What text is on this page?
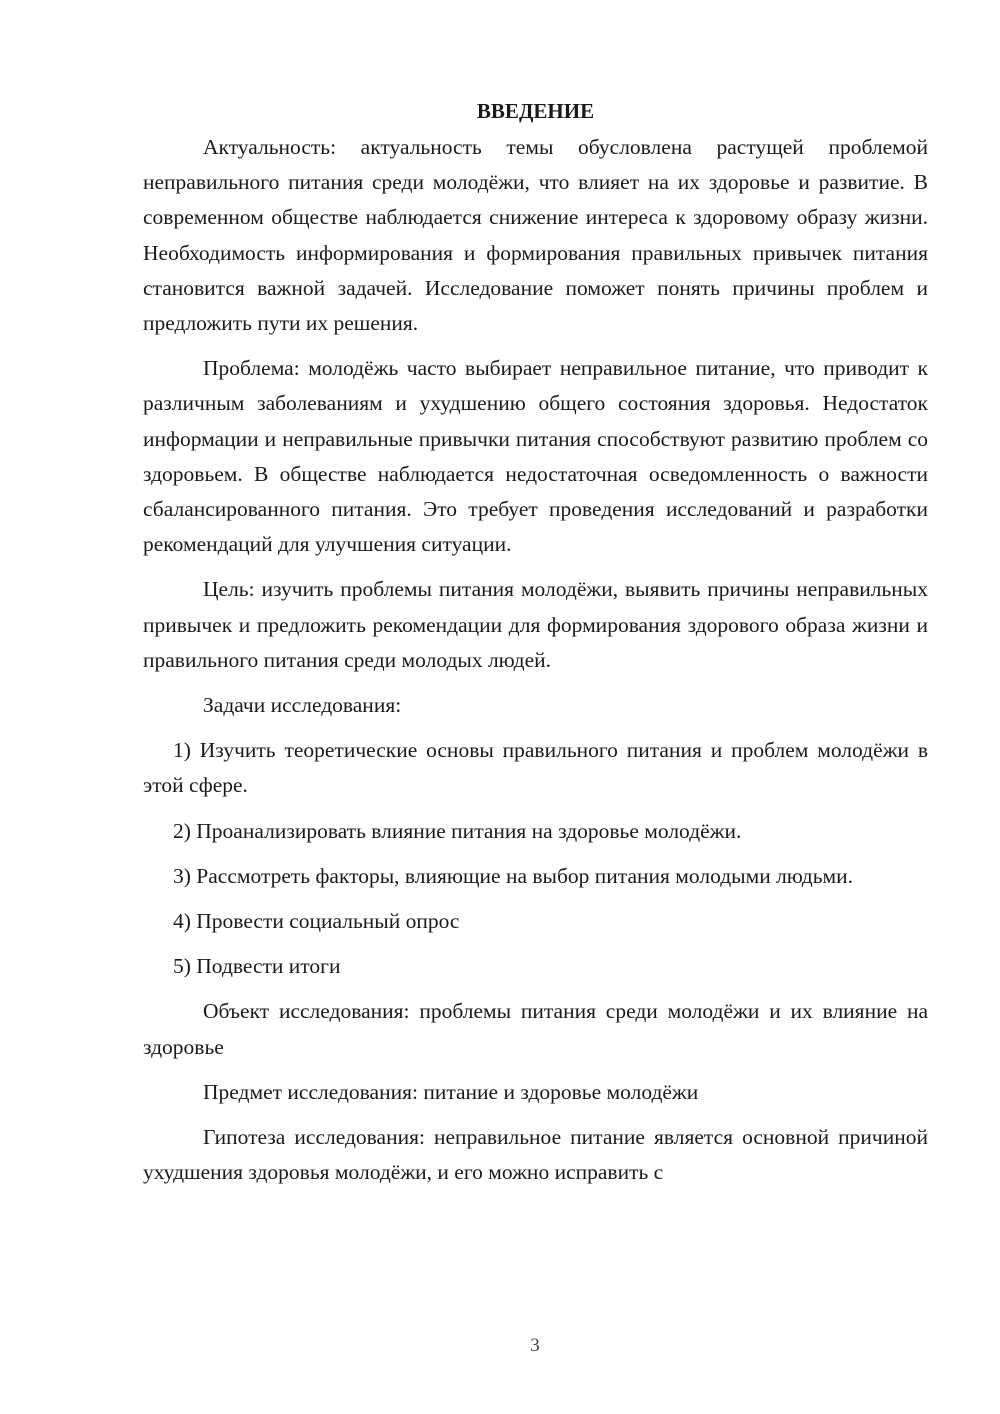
ВВЕДЕНИЕ

Актуальность: актуальность темы обусловлена растущей проблемой неправильного питания среди молодёжи, что влияет на их здоровье и развитие. В современном обществе наблюдается снижение интереса к здоровому образу жизни. Необходимость информирования и формирования правильных привычек питания становится важной задачей. Исследование поможет понять причины проблем и предложить пути их решения.

Проблема: молодёжь часто выбирает неправильное питание, что приводит к различным заболеваниям и ухудшению общего состояния здоровья. Недостаток информации и неправильные привычки питания способствуют развитию проблем со здоровьем. В обществе наблюдается недостаточная осведомленность о важности сбалансированного питания. Это требует проведения исследований и разработки рекомендаций для улучшения ситуации.

Цель: изучить проблемы питания молодёжи, выявить причины неправильных привычек и предложить рекомендации для формирования здорового образа жизни и правильного питания среди молодых людей.

Задачи исследования:

1) Изучить теоретические основы правильного питания и проблем молодёжи в этой сфере.

2) Проанализировать влияние питания на здоровье молодёжи.

3) Рассмотреть факторы, влияющие на выбор питания молодыми людьми.

4) Провести социальный опрос

5) Подвести итоги

Объект исследования: проблемы питания среди молодёжи и их влияние на здоровье

Предмет исследования: питание и здоровье молодёжи

Гипотеза исследования: неправильное питание является основной причиной ухудшения здоровья молодёжи, и его можно исправить с

3
